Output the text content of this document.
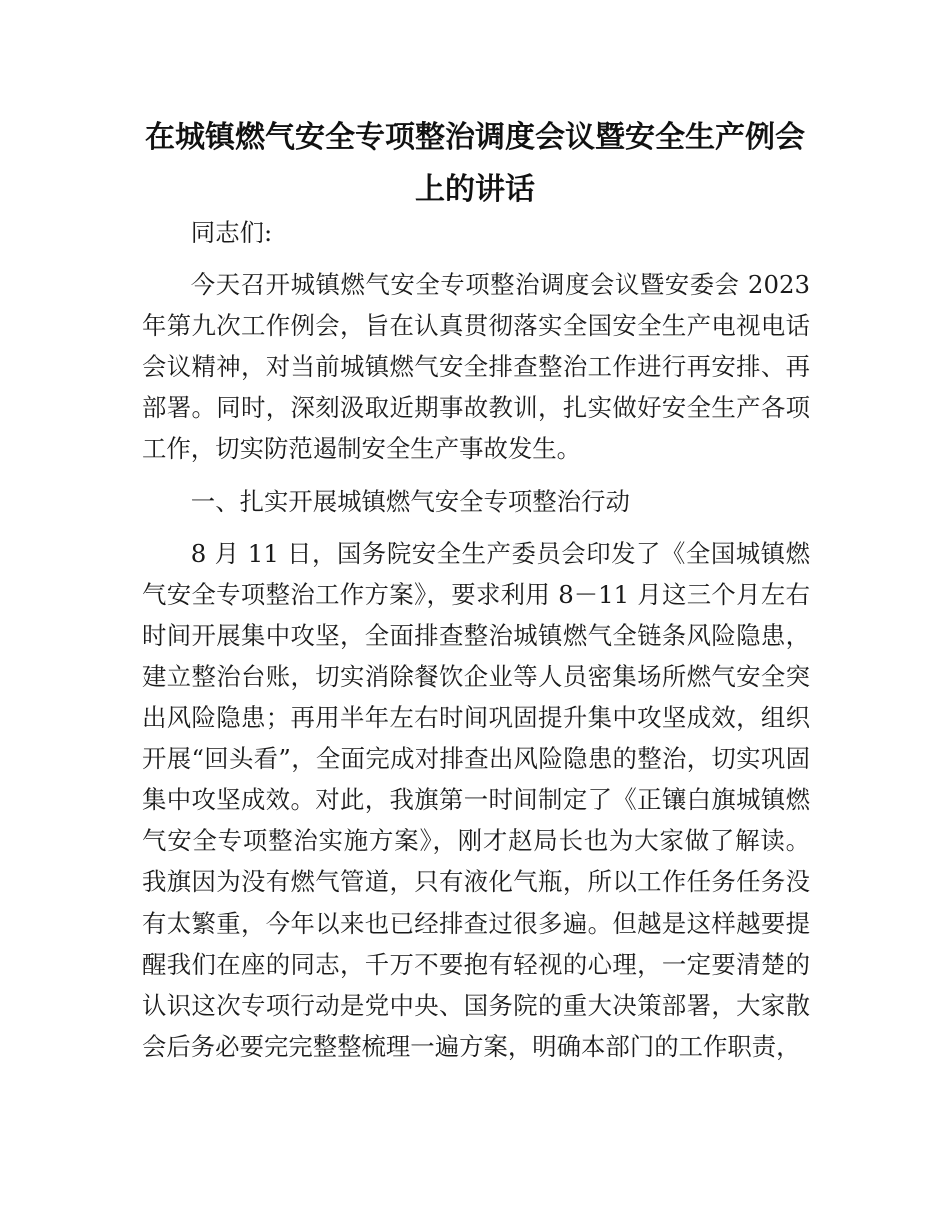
在城镇燃气安全专项整治调度会议暨安全生产例会上的讲话

同志们:

今天召开城镇燃气安全专项整治调度会议暨安委会 2023 年第九次工作例会，旨在认真贯彻落实全国安全生产电视电话会议精神，对当前城镇燃气安全排查整治工作进行再安排、再部署。同时，深刻汲取近期事故教训，扎实做好安全生产各项工作，切实防范遏制安全生产事故发生。

一、扎实开展城镇燃气安全专项整治行动

8 月 11 日，国务院安全生产委员会印发了《全国城镇燃气安全专项整治工作方案》，要求利用 8－11 月这三个月左右时间开展集中攻坚，全面排查整治城镇燃气全链条风险隐患，建立整治台账，切实消除餐饮企业等人员密集场所燃气安全突出风险隐患；再用半年左右时间巩固提升集中攻坚成效，组织开展“回头看”，全面完成对排查出风险隐患的整治，切实巩固集中攻坚成效。对此，我旗第一时间制定了《正镶白旗城镇燃气安全专项整治实施方案》，刚才赵局长也为大家做了解读。我旗因为没有燃气管道，只有液化气瓶，所以工作任务任务没有太繁重，今年以来也已经排查过很多遍。但越是这样越要提醒我们在座的同志，千万不要抱有轻视的心理，一定要清楚的认识这次专项行动是党中央、国务院的重大决策部署，大家散会后务必要完完整整梳理一遍方案，明确本部门的工作职责，
